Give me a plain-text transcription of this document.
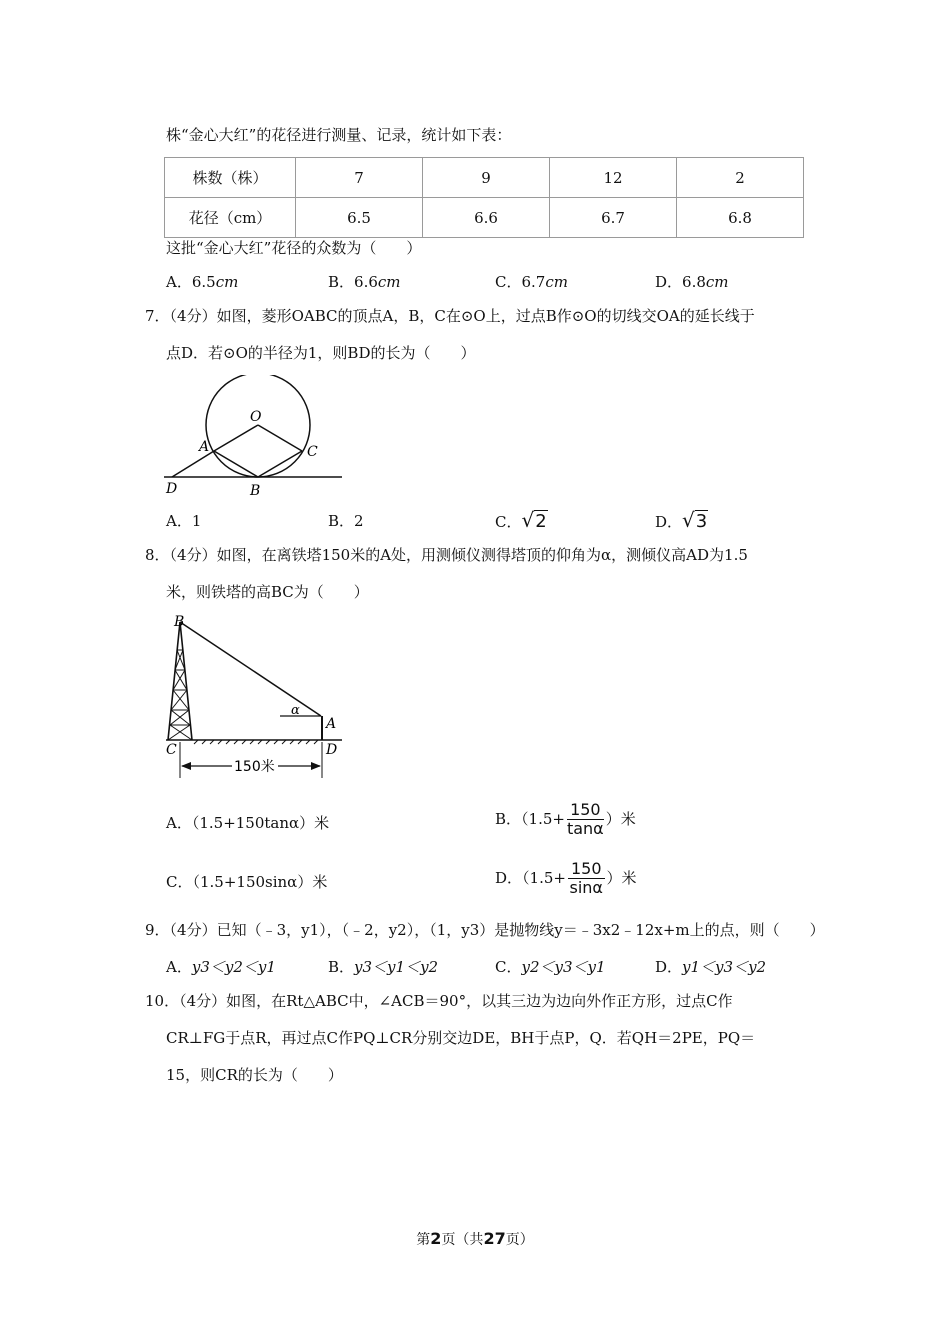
株“金心大红”的花径进行测量、记录，统计如下表：
株数（株）	7	9	12	2
花径（cm）	6.5	6.6	6.7	6.8
这批“金心大红”花径的众数为（　　）
A．6.5cm	B．6.6cm	C．6.7cm	D．6.8cm
7．（4分）如图，菱形OABC的顶点A，B，C在⊙O上，过点B作⊙O的切线交OA的延长线于
点D．若⊙O的半径为1，则BD的长为（　　）
O
A	C
D	B
A．1	B．2	C．√2	D．√3
8．（4分）如图，在离铁塔150米的A处，用测倾仪测得塔顶的仰角为α，测倾仪高AD为1.5
米，则铁塔的高BC为（　　）
150米
B
C
A
D
α
A．（1.5+150tanα）米	B．（$1.5+ \frac{150}{\tan\alpha}$ ）米
C．（1.5+150sinα）米	D．（$1.5+ \frac{150}{\sin\alpha}$ ）米
9．（4分）已知（﹣3，y1），（﹣2，y2），（1，y3）是抛物线y＝﹣3x2﹣12x+m上的点，则（　　）
A．y3＜y2＜y1	B．y3＜y1＜y2	C．y2＜y3＜y1	D．y1＜y3＜y2
10．（4分）如图，在Rt△ABC中，∠ACB＝90°，以其三边为边向外作正方形，过点C作
CR⊥FG于点R，再过点C作PQ⊥CR分别交边DE，BH于点P，Q．若QH＝2PE，PQ＝
15，则CR的长为（　　）
第2页（共27页）
